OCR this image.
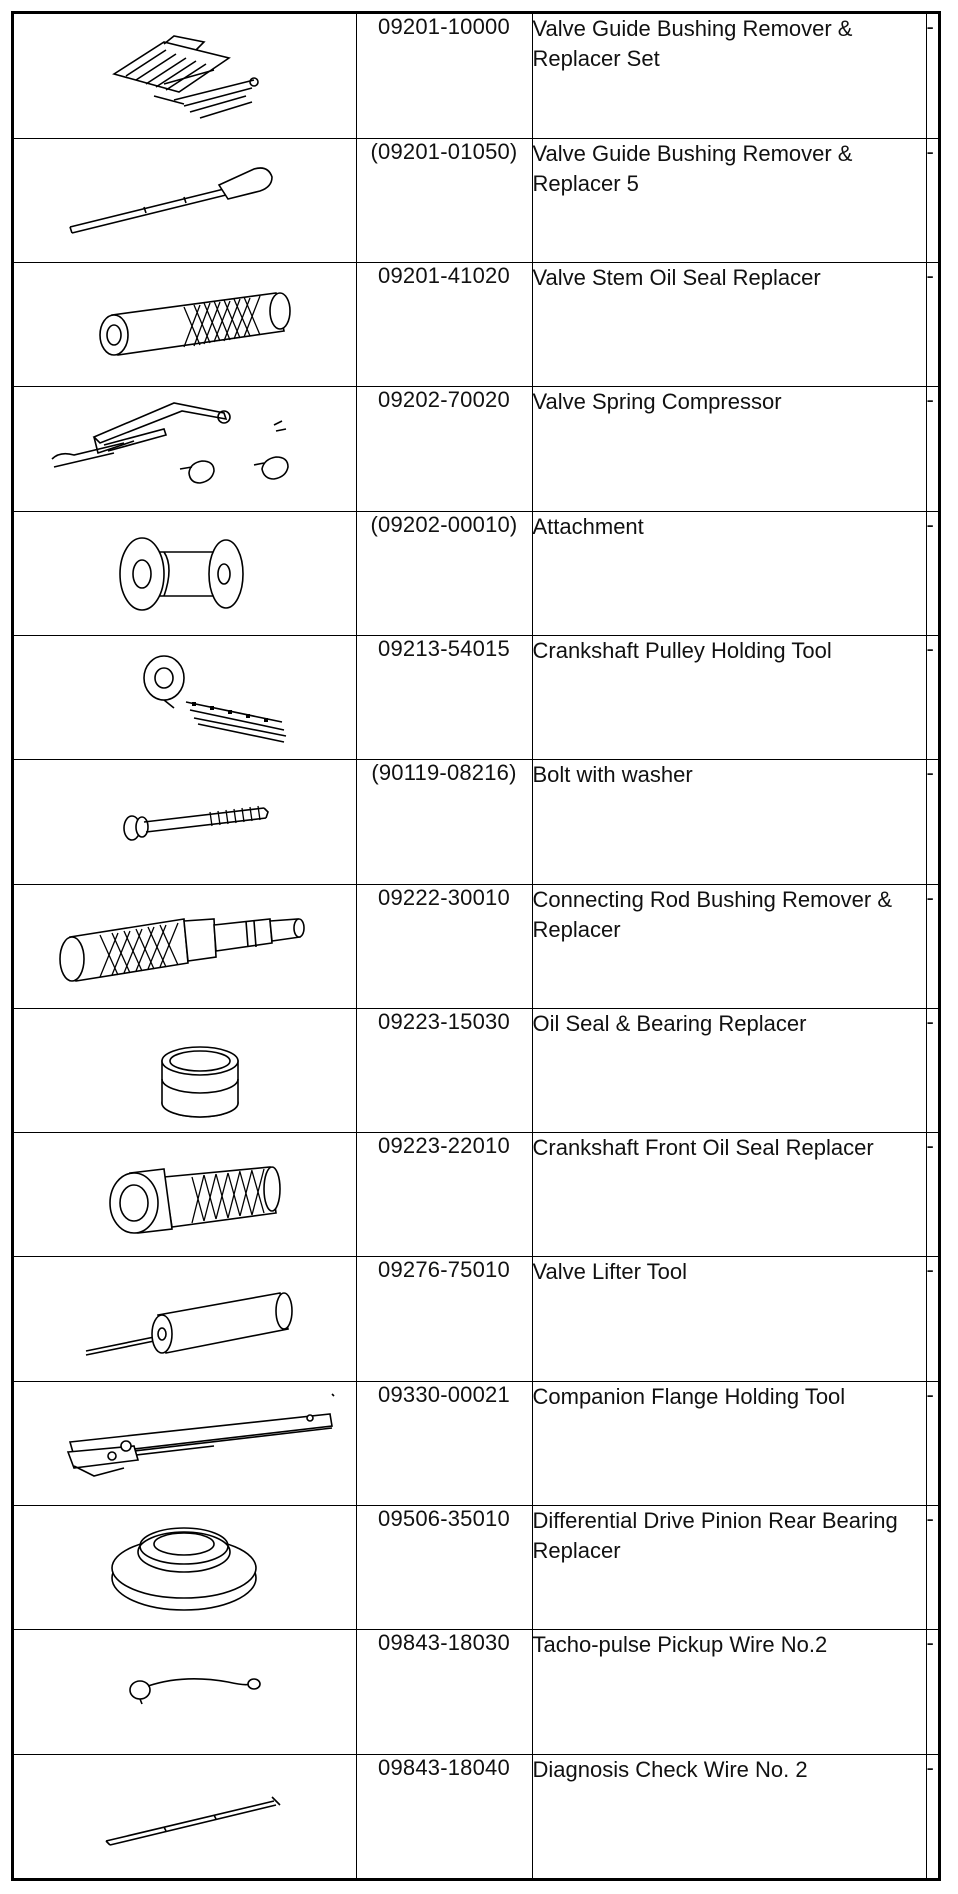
	09201-10000	Valve Guide Bushing Remover & Replacer Set	-

	(09201-01050)	Valve Guide Bushing Remover & Replacer 5	-

	09201-41020	Valve Stem Oil Seal Replacer	-

	09202-70020	Valve Spring Compressor	-

	(09202-00010)	Attachment	-

	09213-54015	Crankshaft Pulley Holding Tool	-

	(90119-08216)	Bolt with washer	-

	09222-30010	Connecting Rod Bushing Remover & Replacer	-

	09223-15030	Oil Seal & Bearing Replacer	-

	09223-22010	Crankshaft Front Oil Seal Replacer	-

	09276-75010	Valve Lifter Tool	-

	09330-00021	Companion Flange Holding Tool	-

	09506-35010	Differential Drive Pinion Rear Bearing Replacer	-

	09843-18030	Tacho-pulse Pickup Wire No.2	-

	09843-18040	Diagnosis Check Wire No. 2	-
